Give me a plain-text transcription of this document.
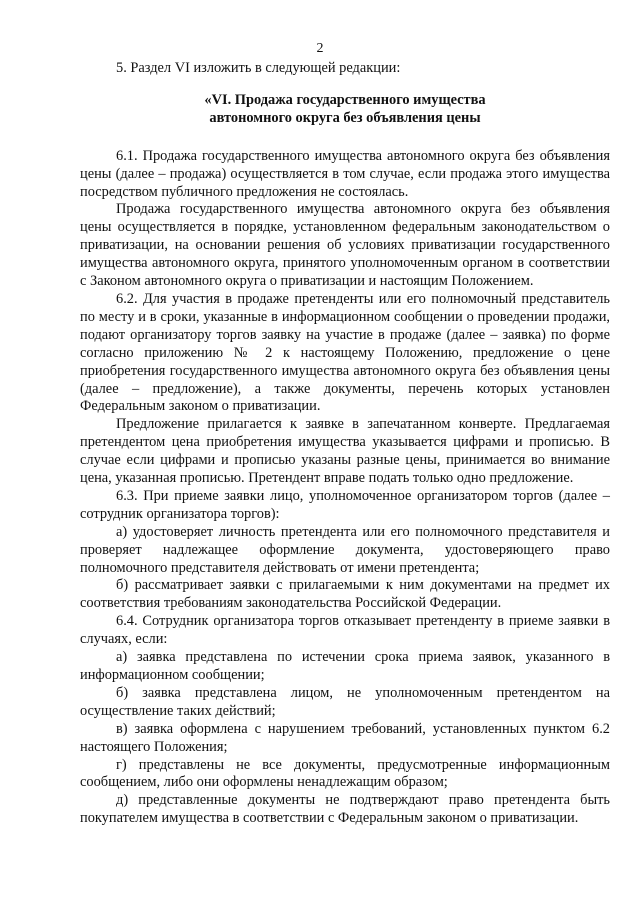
2

5. Раздел VI изложить в следующей редакции:

«VI. Продажа государственного имущества
автономного округа без объявления цены

6.1. Продажа государственного имущества автономного округа без объявления цены (далее – продажа) осуществляется в том случае, если продажа этого имущества посредством публичного предложения не состоялась.

Продажа государственного имущества автономного округа без объявления цены осуществляется в порядке, установленном федеральным законодательством о приватизации, на основании решения об условиях приватизации государственного имущества автономного округа, принятого уполномоченным органом в соответствии с Законом автономного округа о приватизации и настоящим Положением.

6.2. Для участия в продаже претенденты или его полномочный представитель по месту и в сроки, указанные в информационном сообщении о проведении продажи, подают организатору торгов заявку на участие в продаже (далее – заявка) по форме согласно приложению № 2 к настоящему Положению, предложение о цене приобретения государственного имущества автономного округа без объявления цены (далее – предложение), а также документы, перечень которых установлен Федеральным законом о приватизации.

Предложение прилагается к заявке в запечатанном конверте. Предлагаемая претендентом цена приобретения имущества указывается цифрами и прописью. В случае если цифрами и прописью указаны разные цены, принимается во внимание цена, указанная прописью. Претендент вправе подать только одно предложение.

6.3. При приеме заявки лицо, уполномоченное организатором торгов (далее – сотрудник организатора торгов):

а) удостоверяет личность претендента или его полномочного представителя и проверяет надлежащее оформление документа, удостоверяющего право полномочного представителя действовать от имени претендента;

б) рассматривает заявки с прилагаемыми к ним документами на предмет их соответствия требованиям законодательства Российской Федерации.

6.4. Сотрудник организатора торгов отказывает претенденту в приеме заявки в случаях, если:

а) заявка представлена по истечении срока приема заявок, указанного в информационном сообщении;

б) заявка представлена лицом, не уполномоченным претендентом на осуществление таких действий;

в) заявка оформлена с нарушением требований, установленных пунктом 6.2 настоящего Положения;

г) представлены не все документы, предусмотренные информационным сообщением, либо они оформлены ненадлежащим образом;

д) представленные документы не подтверждают право претендента быть покупателем имущества в соответствии с Федеральным законом о приватизации.
